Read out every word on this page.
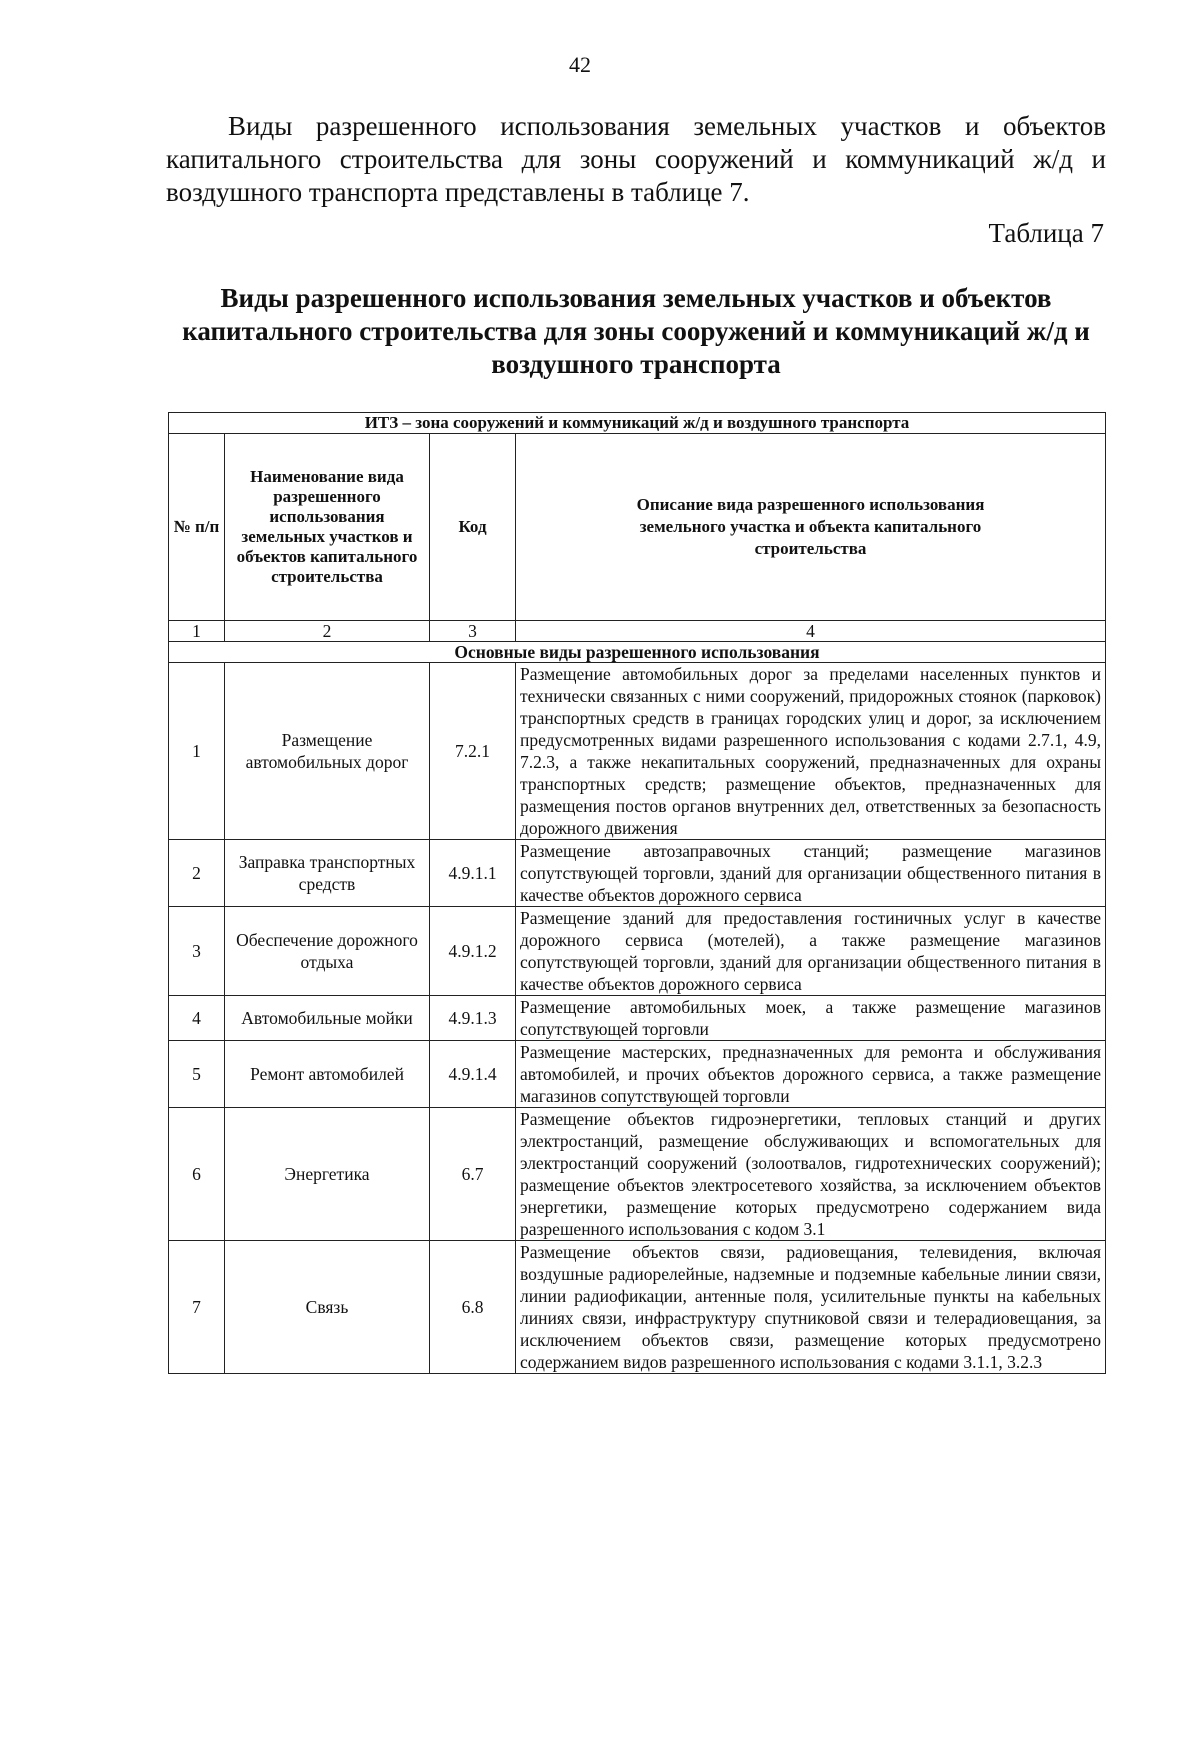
42
Виды разрешенного использования земельных участков и объектов капитального строительства для зоны сооружений и коммуникаций ж/д и воздушного транспорта представлены в таблице 7.
Таблица 7
Виды разрешенного использования земельных участков и объектов капитального строительства для зоны сооружений и коммуникаций ж/д и воздушного транспорта
ИТЗ – зона сооружений и коммуникаций ж/д и воздушного транспорта			
№ п/п	Наименование вида разрешенного использования земельных участков и объектов капитального строительства	Код	Описание вида разрешенного использования земельного участка и объекта капитального строительства
1	2	3	4
Основные виды разрешенного использования			
1	Размещение автомобильных дорог	7.2.1	Размещение автомобильных дорог за пределами населенных пунктов и технически связанных с ними сооружений, придорожных стоянок (парковок) транспортных средств в границах городских улиц и дорог, за исключением предусмотренных видами разрешенного использования с кодами 2.7.1, 4.9, 7.2.3, а также некапитальных сооружений, предназначенных для охраны транспортных средств; размещение объектов, предназначенных для размещения постов органов внутренних дел, ответственных за безопасность дорожного движения
2	Заправка транспортных средств	4.9.1.1	Размещение автозаправочных станций; размещение магазинов сопутствующей торговли, зданий для организации общественного питания в качестве объектов дорожного сервиса
3	Обеспечение дорожного отдыха	4.9.1.2	Размещение зданий для предоставления гостиничных услуг в качестве дорожного сервиса (мотелей), а также размещение магазинов сопутствующей торговли, зданий для организации общественного питания в качестве объектов дорожного сервиса
4	Автомобильные мойки	4.9.1.3	Размещение автомобильных моек, а также размещение магазинов сопутствующей торговли
5	Ремонт автомобилей	4.9.1.4	Размещение мастерских, предназначенных для ремонта и обслуживания автомобилей, и прочих объектов дорожного сервиса, а также размещение магазинов сопутствующей торговли
6	Энергетика	6.7	Размещение объектов гидроэнергетики, тепловых станций и других электростанций, размещение обслуживающих и вспомогательных для электростанций сооружений (золоотвалов, гидротехнических сооружений); размещение объектов электросетевого хозяйства, за исключением объектов энергетики, размещение которых предусмотрено содержанием вида разрешенного использования с кодом 3.1
7	Связь	6.8	Размещение объектов связи, радиовещания, телевидения, включая воздушные радиорелейные, надземные и подземные кабельные линии связи, линии радиофикации, антенные поля, усилительные пункты на кабельных линиях связи, инфраструктуру спутниковой связи и телерадиовещания, за исключением объектов связи, размещение которых предусмотрено содержанием видов разрешенного использования с кодами 3.1.1, 3.2.3
